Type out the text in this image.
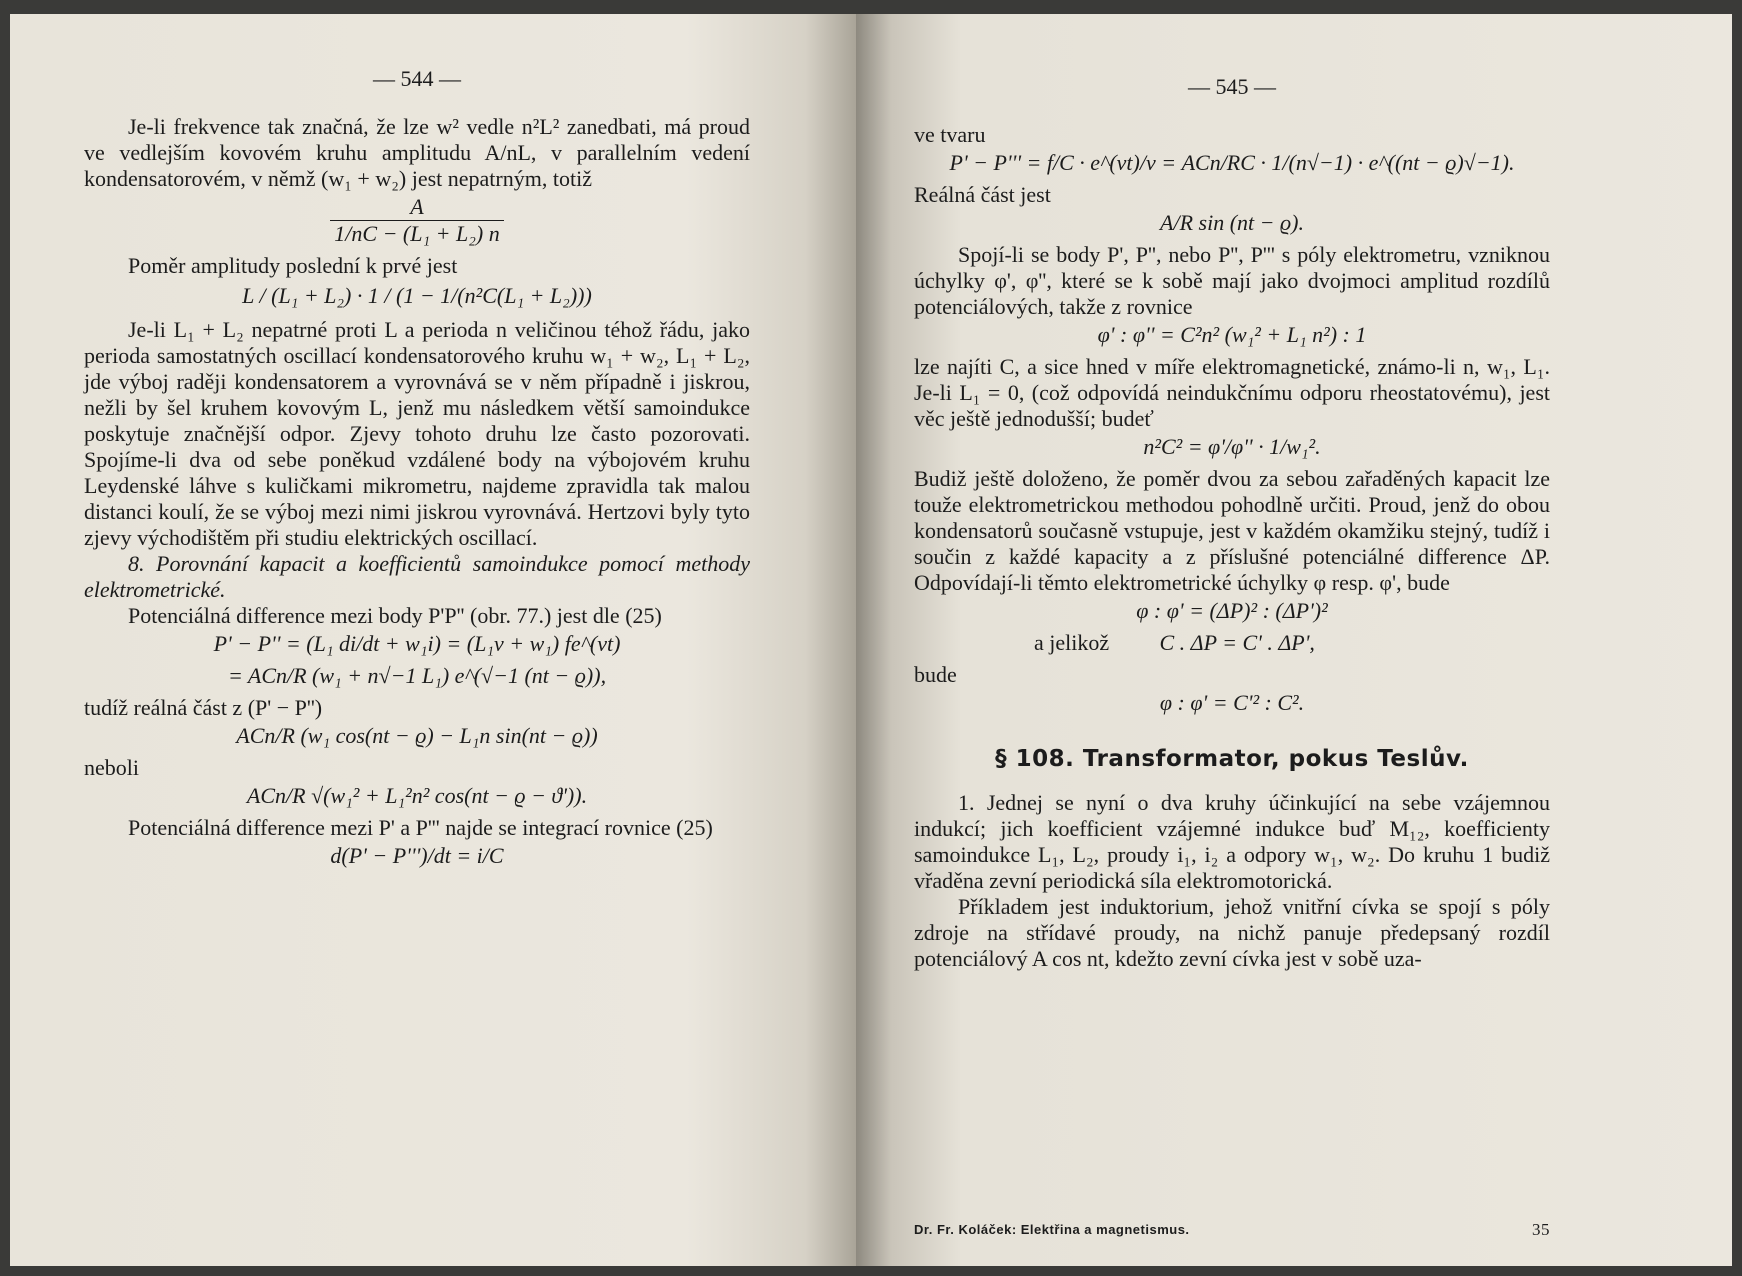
— 544 —

Je-li frekvence tak značná, že lze w² vedle n²L² zanedbati, má proud ve vedlejším kovovém kruhu amplitudu A/nL, v parallelním vedení kondensatorovém, v němž (w₁ + w₂) jest nepatrným, totiž

$\frac{A}{\text{1/nC − (L₁ + L₂) n}}$

Poměr amplitudy poslední k prvé jest

L / (L₁ + L₂) · 1 / (1 − 1/(n²C(L₁ + L₂)))

Je-li L₁ + L₂ nepatrné proti L a perioda n veličinou téhož řádu, jako perioda samostatných oscillací kondensatorového kruhu w₁ + w₂, L₁ + L₂, jde výboj raději kondensatorem a vyrovnává se v něm případně i jiskrou, nežli by šel kruhem kovovým L, jenž mu následkem větší samoindukce poskytuje značnější odpor. Zjevy tohoto druhu lze často pozorovati. Spojíme-li dva od sebe poněkud vzdálené body na výbojovém kruhu Leydenské láhve s kuličkami mikrometru, najdeme zpravidla tak malou distanci koulí, že se výboj mezi nimi jiskrou vyrovnává. Hertzovi byly tyto zjevy východištěm při studiu elektrických oscillací.

8. Porovnání kapacit a koefficientů samoindukce pomocí methody elektrometrické.

Potenciálná difference mezi body P'P'' (obr. 77.) jest dle (25)

P' − P'' = (L₁ di/dt + w₁i) = (L₁ν + w₁) fe^(νt)
= ACn/R (w₁ + n√−1 L₁) e^(√−1 (nt − ϱ)),

tudíž reálná část z (P' − P'')

ACn/R (w₁ cos(nt − ϱ) − L₁n sin(nt − ϱ))

neboli

ACn/R √(w₁² + L₁²n² cos(nt − ϱ − ϑ')).

Potenciálná difference mezi P' a P''' najde se integrací rovnice (25)

d(P' − P''')/dt = i/C
— 545 —

ve tvaru

P' − P''' = f/C · e^(νt)/ν = ACn/RC · 1/(n√−1) · e^((nt − ϱ)√−1).

Reálná část jest

A/R sin (nt − ϱ).

Spojí-li se body P', P'', nebo P'', P''' s póly elektrometru, vzniknou úchylky φ', φ'', které se k sobě mají jako dvojmoci amplitud rozdílů potenciálových, takže z rovnice

φ' : φ'' = C²n² (w₁² + L₁ n²) : 1

lze najíti C, a sice hned v míře elektromagnetické, známo-li n, w₁, L₁. Je-li L₁ = 0, (což odpovídá neindukčnímu odporu rheostatovému), jest věc ještě jednodušší; budeť

n²C² = φ'/φ'' · 1/w₁².

Budiž ještě doloženo, že poměr dvou za sebou zařaděných kapacit lze touže elektrometrickou methodou pohodlně určiti. Proud, jenž do obou kondensatorů současně vstupuje, jest v každém okamžiku stejný, tudíž i součin z každé kapacity a z příslušné potenciálné difference ΔP. Odpovídají-li těmto elektrometrické úchylky φ resp. φ', bude

φ : φ' = (ΔP)² : (ΔP')²
a jelikož C . ΔP = C' . ΔP',

bude

φ : φ' = C'² : C².
§ 108. Transformator, pokus Teslův.

1. Jednej se nyní o dva kruhy účinkující na sebe vzájemnou indukcí; jich koefficient vzájemné indukce buď M₁₂, koefficienty samoindukce L₁, L₂, proudy i₁, i₂ a odpory w₁, w₂. Do kruhu 1 budiž vřaděna zevní periodická síla elektromotorická.

Příkladem jest induktorium, jehož vnitřní cívka se spojí s póly zdroje na střídavé proudy, na nichž panuje předepsaný rozdíl potenciálový A cos nt, kdežto zevní cívka jest v sobě uza-

Dr. Fr. Koláček: Elektřina a magnetismus.	35
